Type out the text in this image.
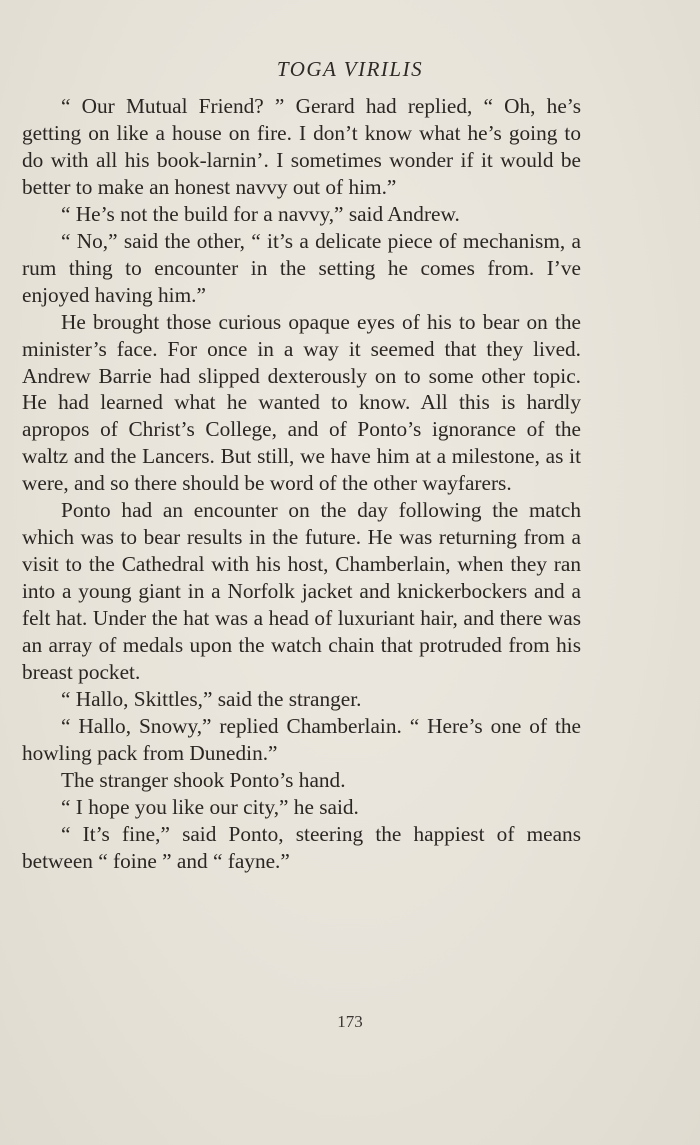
TOGA VIRILIS

“ Our Mutual Friend? ” Gerard had replied, “ Oh, he’s getting on like a house on fire. I don’t know what he’s going to do with all his book-larnin’. I sometimes wonder if it would be better to make an honest navvy out of him.”

“ He’s not the build for a navvy,” said Andrew.

“ No,” said the other, “ it’s a delicate piece of mechanism, a rum thing to encounter in the setting he comes from. I’ve enjoyed having him.”

He brought those curious opaque eyes of his to bear on the minister’s face. For once in a way it seemed that they lived. Andrew Barrie had slipped dexterously on to some other topic. He had learned what he wanted to know. All this is hardly apropos of Christ’s College, and of Ponto’s ignorance of the waltz and the Lancers. But still, we have him at a milestone, as it were, and so there should be word of the other wayfarers.

Ponto had an encounter on the day following the match which was to bear results in the future. He was returning from a visit to the Cathedral with his host, Chamberlain, when they ran into a young giant in a Norfolk jacket and knickerbockers and a felt hat. Under the hat was a head of luxuriant hair, and there was an array of medals upon the watch chain that protruded from his breast pocket.

“ Hallo, Skittles,” said the stranger.

“ Hallo, Snowy,” replied Chamberlain. “ Here’s one of the howling pack from Dunedin.”

The stranger shook Ponto’s hand.

“ I hope you like our city,” he said.

“ It’s fine,” said Ponto, steering the happiest of means between “ foine ” and “ fayne.”

173
